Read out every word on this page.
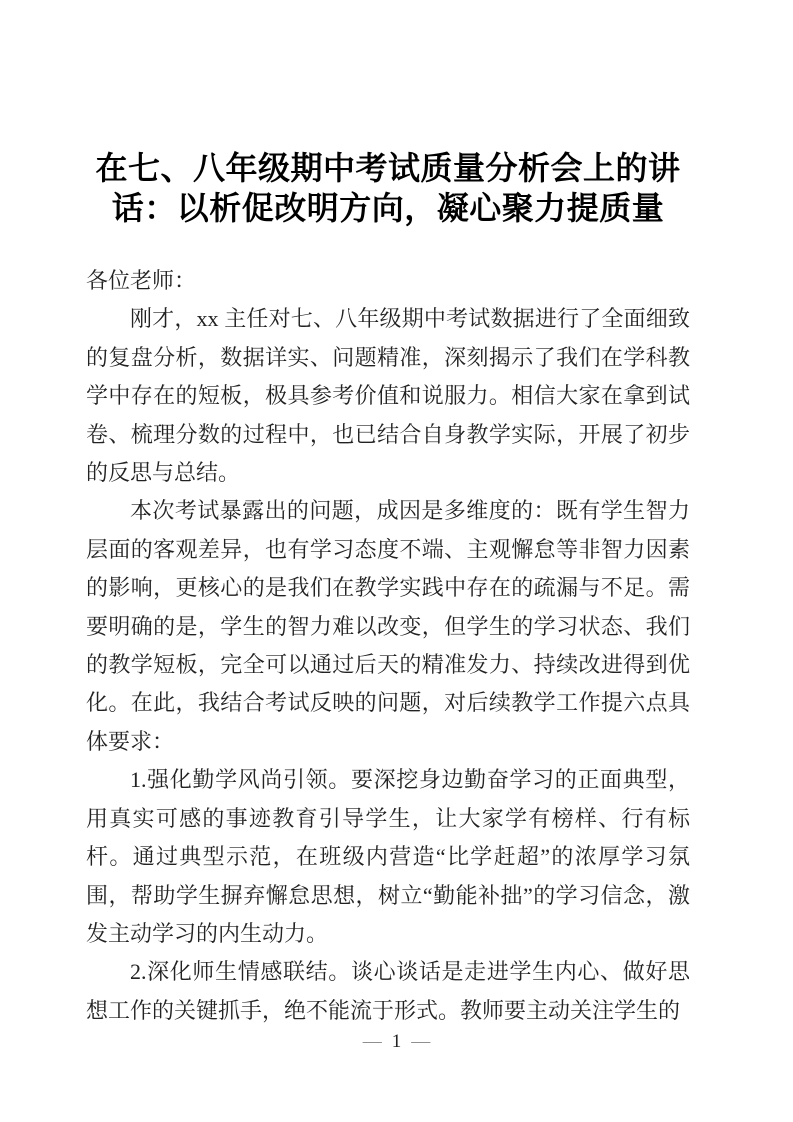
在七、八年级期中考试质量分析会上的讲话：以析促改明方向，凝心聚力提质量

各位老师：

刚才，xx 主任对七、八年级期中考试数据进行了全面细致的复盘分析，数据详实、问题精准，深刻揭示了我们在学科教学中存在的短板，极具参考价值和说服力。相信大家在拿到试卷、梳理分数的过程中，也已结合自身教学实际，开展了初步的反思与总结。

本次考试暴露出的问题，成因是多维度的：既有学生智力层面的客观差异，也有学习态度不端、主观懈怠等非智力因素的影响，更核心的是我们在教学实践中存在的疏漏与不足。需要明确的是，学生的智力难以改变，但学生的学习状态、我们的教学短板，完全可以通过后天的精准发力、持续改进得到优化。在此，我结合考试反映的问题，对后续教学工作提六点具体要求：

1.强化勤学风尚引领。要深挖身边勤奋学习的正面典型，用真实可感的事迹教育引导学生，让大家学有榜样、行有标杆。通过典型示范，在班级内营造“比学赶超”的浓厚学习氛围，帮助学生摒弃懈怠思想，树立“勤能补拙”的学习信念，激发主动学习的内生动力。

2.深化师生情感联结。谈心谈话是走进学生内心、做好思想工作的关键抓手，绝不能流于形式。教师要主动关注学生的

— 1 —
